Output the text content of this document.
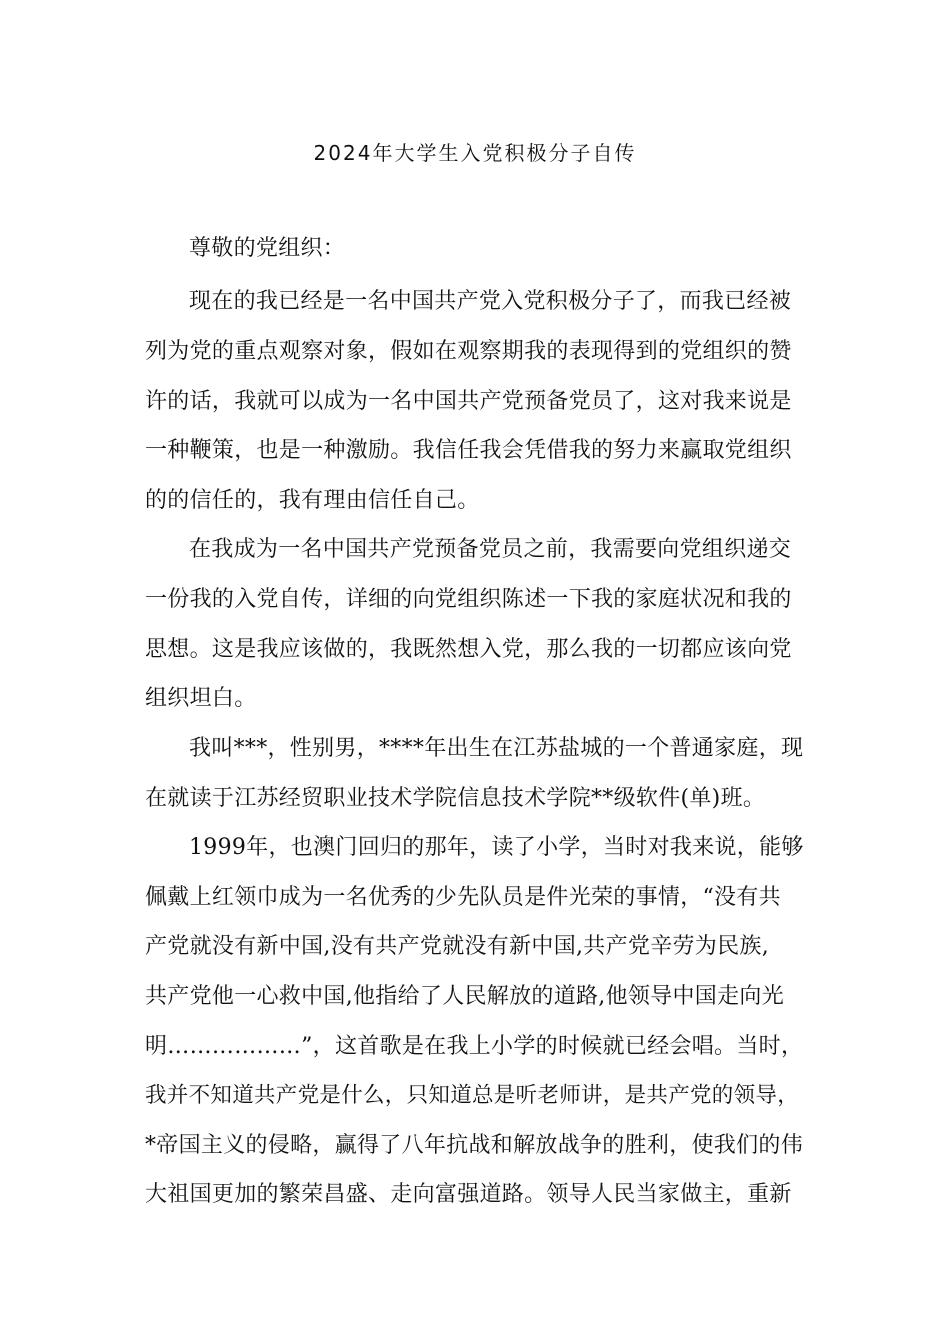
2024年大学生入党积极分子自传
尊敬的党组织：
现在的我已经是一名中国共产党入党积极分子了，而我已经被
列为党的重点观察对象，假如在观察期我的表现得到的党组织的赞
许的话，我就可以成为一名中国共产党预备党员了，这对我来说是
一种鞭策，也是一种激励。我信任我会凭借我的努力来赢取党组织
的的信任的，我有理由信任自己。
在我成为一名中国共产党预备党员之前，我需要向党组织递交
一份我的入党自传，详细的向党组织陈述一下我的家庭状况和我的
思想。这是我应该做的，我既然想入党，那么我的一切都应该向党
组织坦白。
我叫***，性别男，****年出生在江苏盐城的一个普通家庭，现
在就读于江苏经贸职业技术学院信息技术学院**级软件(单)班。
1999年，也澳门回归的那年，读了小学，当时对我来说，能够
佩戴上红领巾成为一名优秀的少先队员是件光荣的事情，“没有共
产党就没有新中国,没有共产党就没有新中国,共产党辛劳为民族,
共产党他一心救中国,他指给了人民解放的道路,他领导中国走向光
明………………”，这首歌是在我上小学的时候就已经会唱。当时，
我并不知道共产党是什么，只知道总是听老师讲，是共产党的领导，
*帝国主义的侵略，赢得了八年抗战和解放战争的胜利，使我们的伟
大祖国更加的繁荣昌盛、走向富强道路。领导人民当家做主，重新
